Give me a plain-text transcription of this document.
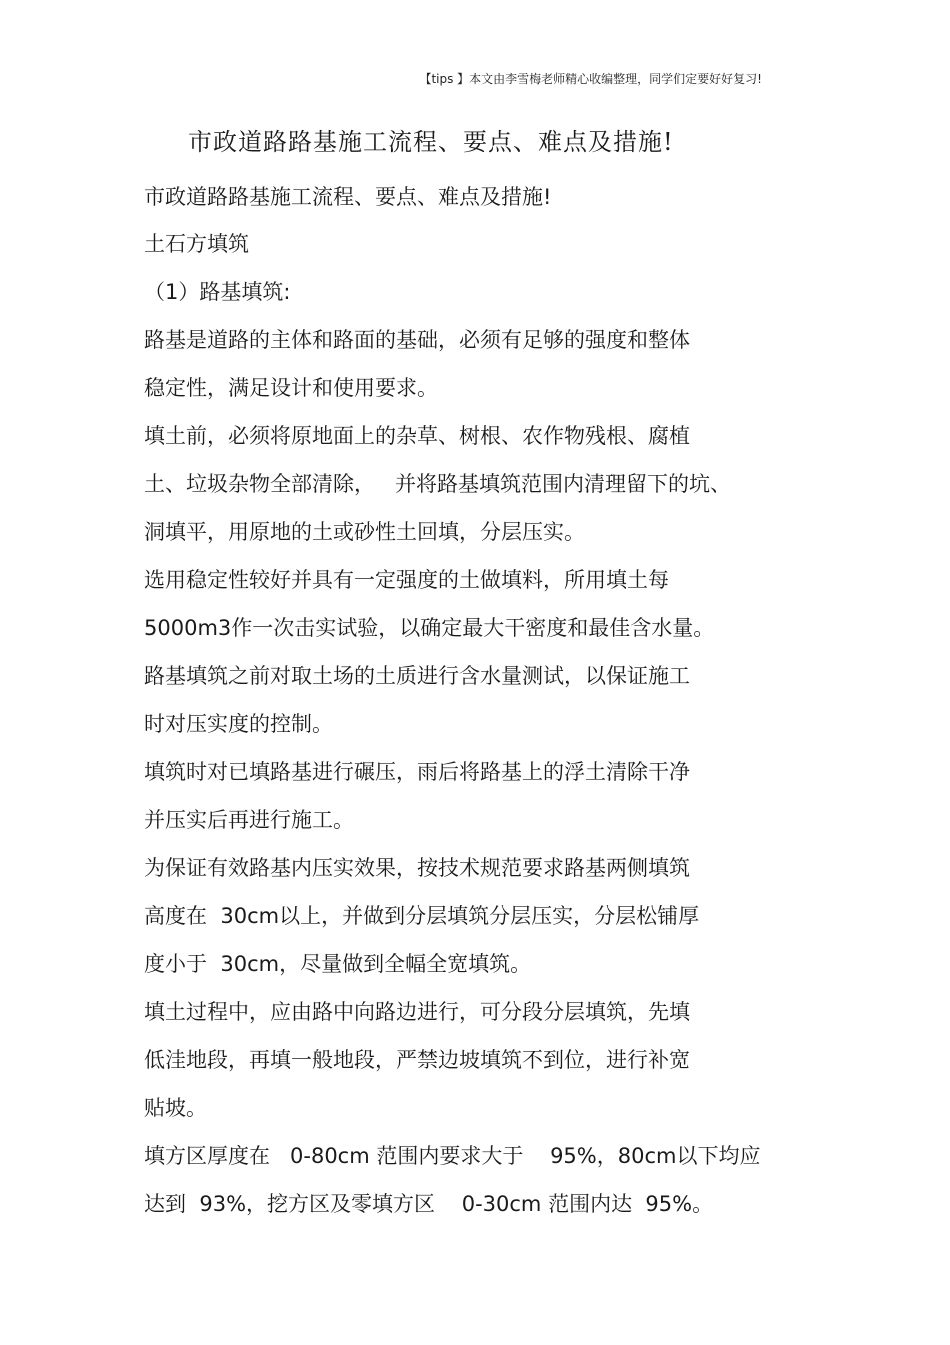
【tips 】本文由李雪梅老师精心收编整理，同学们定要好好复习!
市政道路路基施工流程、要点、难点及措施!
市政道路路基施工流程、要点、难点及措施!
土石方填筑
（1）路基填筑:
路基是道路的主体和路面的基础，必须有足够的强度和整体
稳定性，满足设计和使用要求。
填土前，必须将原地面上的杂草、树根、农作物残根、腐植
土、垃圾杂物全部清除，   并将路基填筑范围内清理留下的坑、
洞填平，用原地的土或砂性土回填，分层压实。
选用稳定性较好并具有一定强度的土做填料，所用填土每
5000m3作一次击实试验，以确定最大干密度和最佳含水量。
路基填筑之前对取土场的土质进行含水量测试，以保证施工
时对压实度的控制。
填筑时对已填路基进行碾压，雨后将路基上的浮土清除干净
并压实后再进行施工。
为保证有效路基内压实效果，按技术规范要求路基两侧填筑
高度在  30cm以上，并做到分层填筑分层压实，分层松铺厚
度小于  30cm，尽量做到全幅全宽填筑。
填土过程中，应由路中向路边进行，可分段分层填筑，先填
低洼地段，再填一般地段，严禁边坡填筑不到位，进行补宽
贴坡。
填方区厚度在   0-80cm 范围内要求大于    95%，80cm以下均应
达到  93%，挖方区及零填方区    0-30cm 范围内达  95%。
